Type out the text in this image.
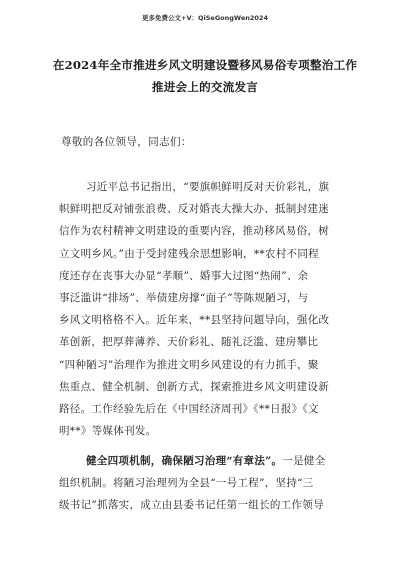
更多免费公文+V：QiSeGongWen2024
在2024年全市推进乡风文明建设暨移风易俗专项整治工作
推进会上的交流发言
尊敬的各位领导，同志们：
习近平总书记指出，“要旗帜鲜明反对天价彩礼，旗
帜鲜明把反对铺张浪费、反对婚丧大操大办、抵制封建迷
信作为农村精神文明建设的重要内容，推动移风易俗，树
立文明乡风。”由于受封建残余思想影响，**农村不同程
度还存在丧事大办显“孝顺”、婚事大过图“热闹”、余
事泛滥讲“排场”、举债建房撑“面子”等陈规陋习，与
乡风文明格格不入。近年来，**县坚持问题导向，强化改
革创新，把厚葬薄养、天价彩礼、随礼泛滥、建房攀比
“四种陋习”治理作为推进文明乡风建设的有力抓手，聚
焦重点、健全机制、创新方式，探索推进乡风文明建设新
路径。工作经验先后在《中国经济周刊》《**日报》《文
明**》等媒体刊发。
健全四项机制，确保陋习治理“有章法”。一是健全
组织机制。将陋习治理列为全县“一号工程”，坚持“三
级书记”抓落实，成立由县委书记任第一组长的工作领导
